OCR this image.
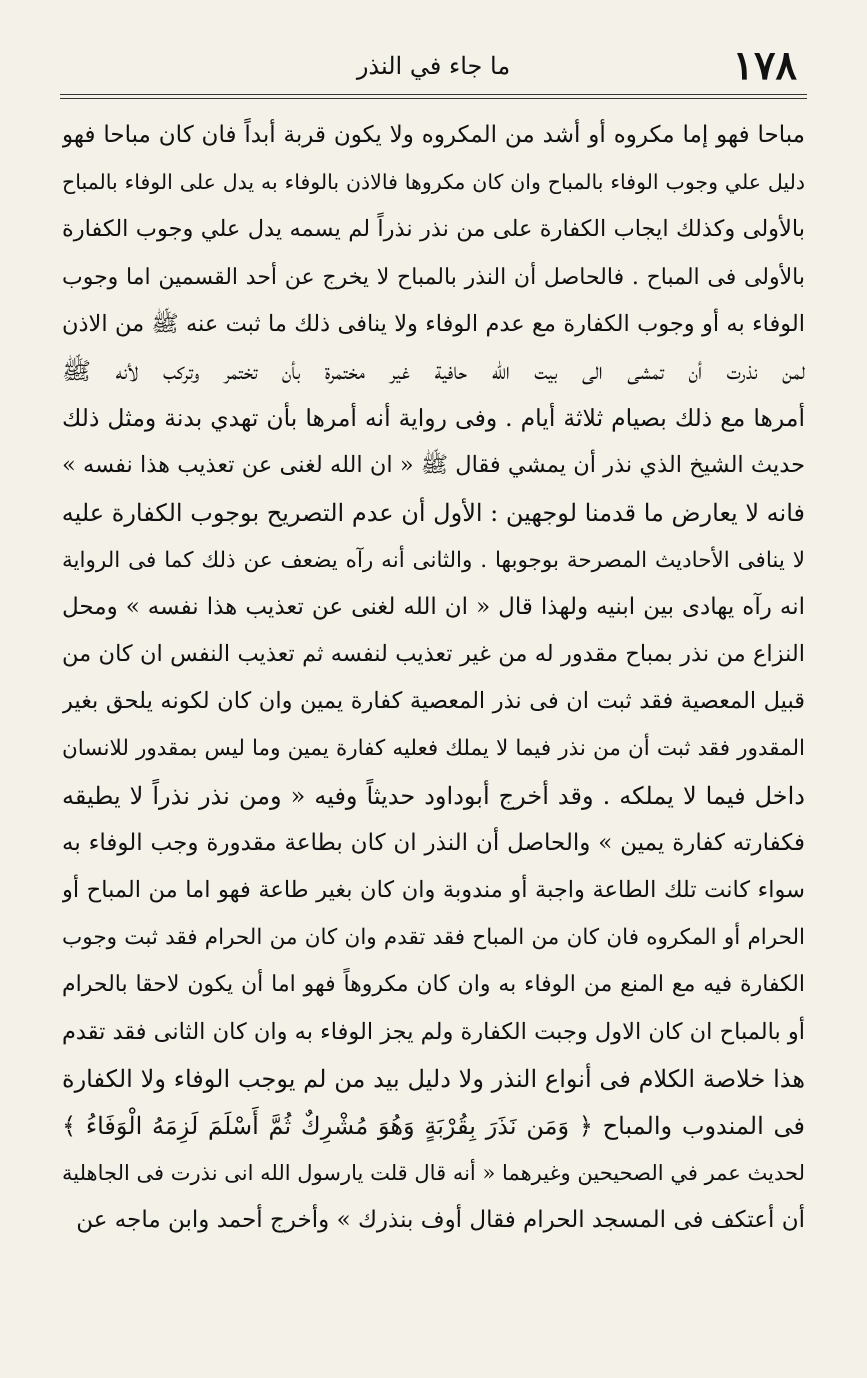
١٧٨
ما جاء في النذر
مباحا فهو إما مكروه أو أشد من المكروه ولا يكون قربة أبداً فان كان مباحا فهو
دليل علي وجوب الوفاء بالمباح وان كان مكروها فالاذن بالوفاء به يدل على الوفاء بالمباح
بالأولى وكذلك ايجاب الكفارة على من نذر نذراً لم يسمه يدل علي وجوب الكفارة
بالأولى فى المباح . فالحاصل أن النذر بالمباح لا يخرج عن أحد القسمين اما وجوب
الوفاء به أو وجوب الكفارة مع عدم الوفاء ولا ينافى ذلك ما ثبت عنه ﷺ من الاذن
لمن نذرت أن تمشى الى بيت الله حافية غير مختمرة بأن تختمر وتركب لأنه ﷺ
أمرها مع ذلك بصيام ثلاثة أيام . وفى رواية أنه أمرها بأن تهدي بدنة ومثل ذلك
حديث الشيخ الذي نذر أن يمشي فقال ﷺ « ان الله لغنى عن تعذيب هذا نفسه »
فانه لا يعارض ما قدمنا لوجهين : الأول أن عدم التصريح بوجوب الكفارة عليه
لا ينافى الأحاديث المصرحة بوجوبها . والثانى أنه رآه يضعف عن ذلك كما فى الرواية
انه رآه يهادى بين ابنيه ولهذا قال « ان الله لغنى عن تعذيب هذا نفسه » ومحل
النزاع من نذر بمباح مقدور له من غير تعذيب لنفسه ثم تعذيب النفس ان كان من
قبيل المعصية فقد ثبت ان فى نذر المعصية كفارة يمين وان كان لكونه يلحق بغير
المقدور فقد ثبت أن من نذر فيما لا يملك فعليه كفارة يمين وما ليس بمقدور للانسان
داخل فيما لا يملكه . وقد أخرج أبوداود حديثاً وفيه « ومن نذر نذراً لا يطيقه
فكفارته كفارة يمين » والحاصل أن النذر ان كان بطاعة مقدورة وجب الوفاء به
سواء كانت تلك الطاعة واجبة أو مندوبة وان كان بغير طاعة فهو اما من المباح أو
الحرام أو المكروه فان كان من المباح فقد تقدم وان كان من الحرام فقد ثبت وجوب
الكفارة فيه مع المنع من الوفاء به وان كان مكروهاً فهو اما أن يكون لاحقا بالحرام
أو بالمباح ان كان الاول وجبت الكفارة ولم يجز الوفاء به وان كان الثانى فقد تقدم
هذا خلاصة الكلام فى أنواع النذر ولا دليل بيد من لم يوجب الوفاء ولا الكفارة
فى المندوب والمباح ﴿ وَمَن نَذَرَ بِقُرْبَةٍ وَهُوَ مُشْرِكٌ ثُمَّ أَسْلَمَ لَزِمَهُ الْوَفَاءُ ﴾
لحديث عمر في الصحيحين وغيرهما « أنه قال قلت يارسول الله انى نذرت فى الجاهلية
أن أعتكف فى المسجد الحرام فقال أوف بنذرك » وأخرج أحمد وابن ماجه عن
